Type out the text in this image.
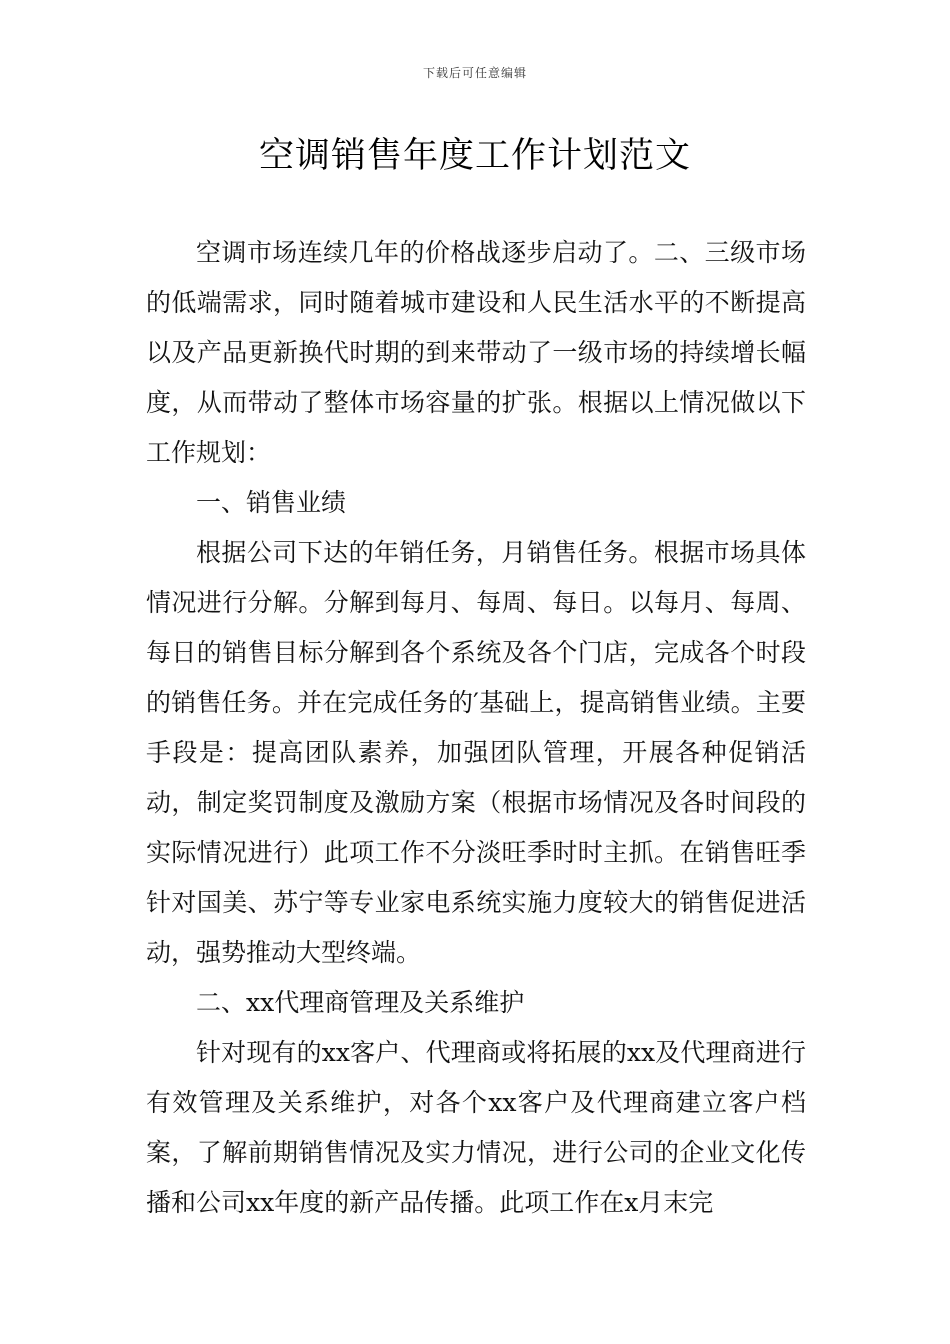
下载后可任意编辑
空调销售年度工作计划范文

空调市场连续几年的价格战逐步启动了。二、三级市场的低端需求，同时随着城市建设和人民生活水平的不断提高以及产品更新换代时期的到来带动了一级市场的持续增长幅度，从而带动了整体市场容量的扩张。根据以上情况做以下工作规划：

一、销售业绩

根据公司下达的年销任务，月销售任务。根据市场具体情况进行分解。分解到每月、每周、每日。以每月、每周、每日的销售目标分解到各个系统及各个门店，完成各个时段的销售任务。并在完成任务的′基础上，提高销售业绩。主要手段是：提高团队素养，加强团队管理，开展各种促销活动，制定奖罚制度及激励方案（根据市场情况及各时间段的实际情况进行）此项工作不分淡旺季时时主抓。在销售旺季针对国美、苏宁等专业家电系统实施力度较大的销售促进活动，强势推动大型终端。

二、xx代理商管理及关系维护

针对现有的xx客户、代理商或将拓展的xx及代理商进行有效管理及关系维护，对各个xx客户及代理商建立客户档案，了解前期销售情况及实力情况，进行公司的企业文化传播和公司xx年度的新产品传播。此项工作在x月末完
